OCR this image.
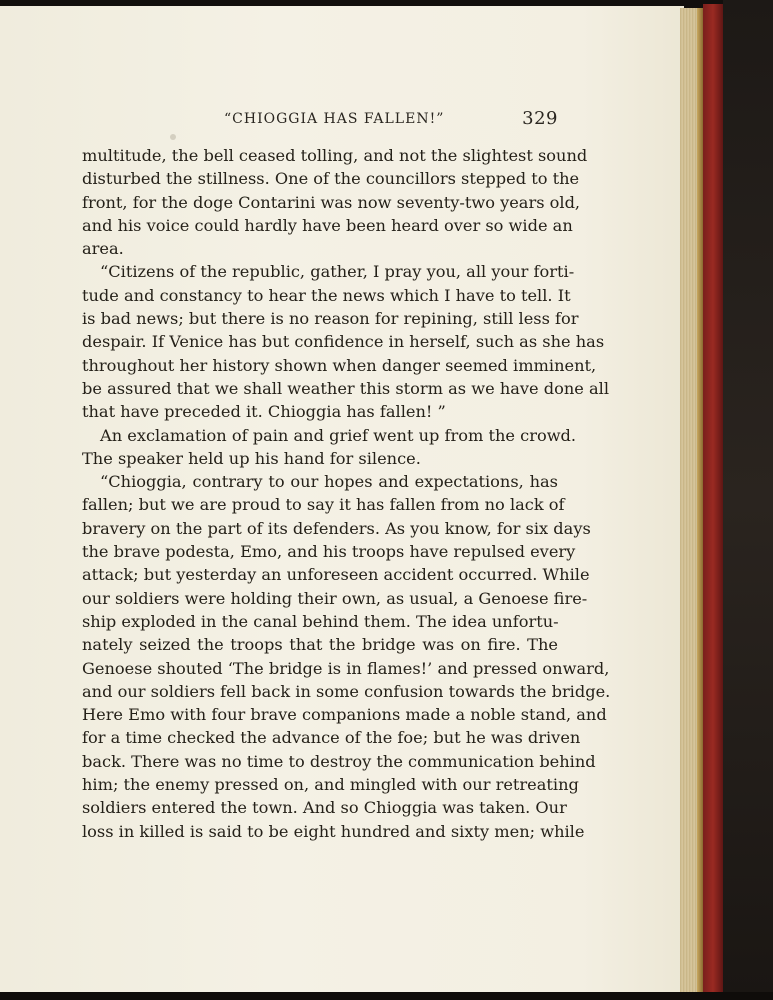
“CHIOGGIA HAS FALLEN!”	329
multitude, the bell ceased tolling, and not the slightest sound
disturbed the stillness. One of the councillors stepped to the
front, for the doge Contarini was now seventy-two years old,
and his voice could hardly have been heard over so wide an
area.
“Citizens of the republic, gather, I pray you, all your forti-
tude and constancy to hear the news which I have to tell. It
is bad news; but there is no reason for repining, still less for
despair. If Venice has but confidence in herself, such as she has
throughout her history shown when danger seemed imminent,
be assured that we shall weather this storm as we have done all
that have preceded it. Chioggia has fallen! ”
An exclamation of pain and grief went up from the crowd.
The speaker held up his hand for silence.
“Chioggia, contrary to our hopes and expectations, has
fallen; but we are proud to say it has fallen from no lack of
bravery on the part of its defenders. As you know, for six days
the brave podesta, Emo, and his troops have repulsed every
attack; but yesterday an unforeseen accident occurred. While
our soldiers were holding their own, as usual, a Genoese fire-
ship exploded in the canal behind them. The idea unfortu-
nately seized the troops that the bridge was on fire. The
Genoese shouted ‘The bridge is in flames!’ and pressed onward,
and our soldiers fell back in some confusion towards the bridge.
Here Emo with four brave companions made a noble stand, and
for a time checked the advance of the foe; but he was driven
back. There was no time to destroy the communication behind
him; the enemy pressed on, and mingled with our retreating
soldiers entered the town. And so Chioggia was taken. Our
loss in killed is said to be eight hundred and sixty men; while
